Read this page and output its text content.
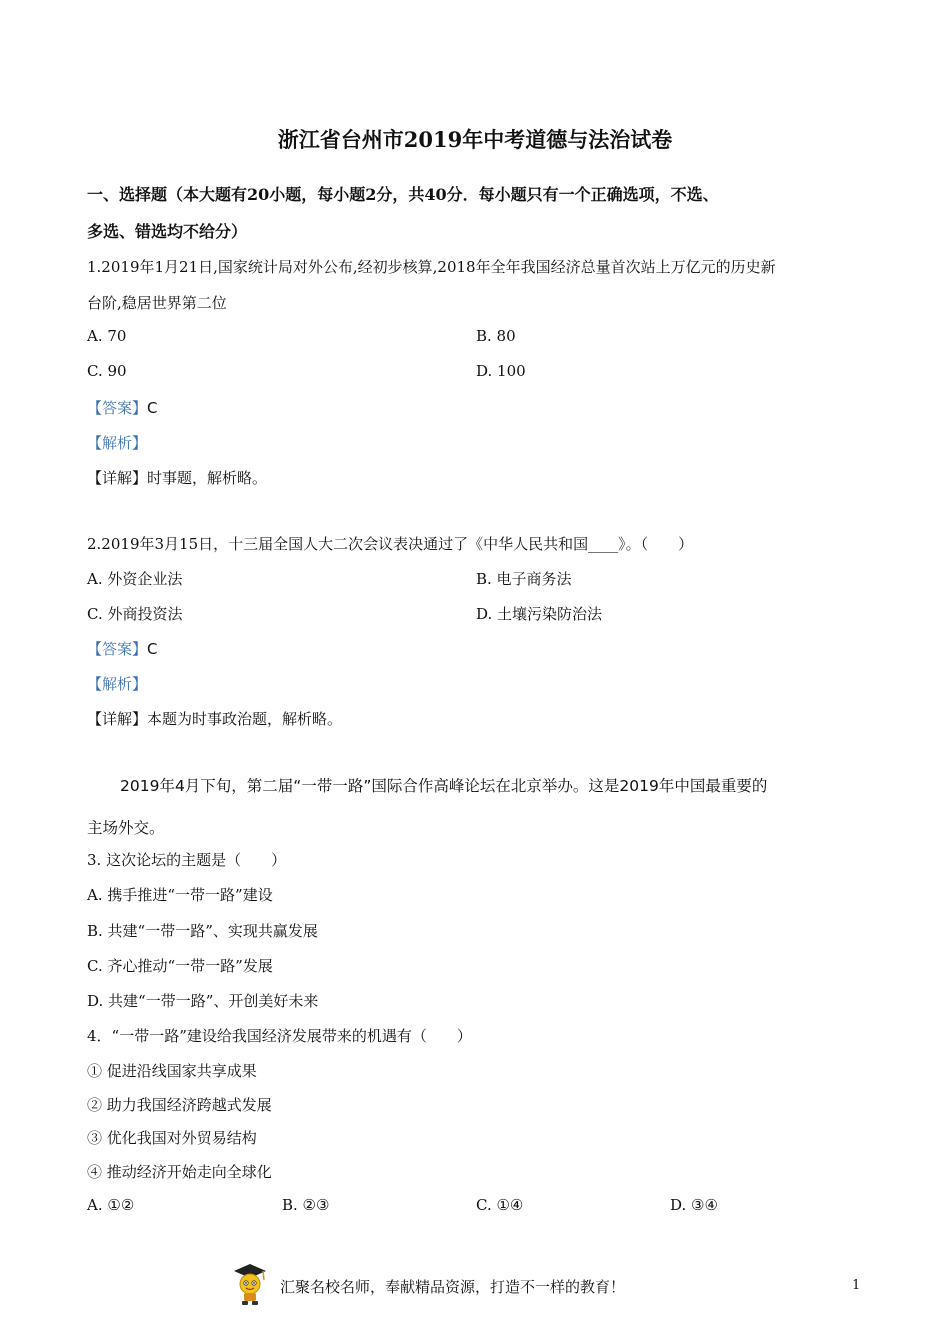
浙江省台州市2019年中考道德与法治试卷
一、选择题（本大题有20小题，每小题2分，共40分．每小题只有一个正确选项，不选、
多选、错选均不给分）
1.2019年1月21日,国家统计局对外公布,经初步核算,2018年全年我国经济总量首次站上万亿元的历史新
台阶,稳居世界第二位
A. 70	B. 80
C. 90	D. 100
【答案】C
【解析】
【详解】时事题，解析略。
2.2019年3月15日，十三届全国人大二次会议表决通过了《中华人民共和国____》。（　　）
A. 外资企业法	B. 电子商务法
C. 外商投资法	D. 土壤污染防治法
【答案】C
【解析】
【详解】本题为时事政治题，解析略。
2019年4月下旬，第二届“一带一路”国际合作高峰论坛在北京举办。这是2019年中国最重要的
主场外交。
3. 这次论坛的主题是（　　）
A. 携手推进“一带一路”建设
B. 共建“一带一路”、实现共赢发展
C. 齐心推动“一带一路”发展
D. 共建“一带一路”、开创美好未来
4．“一带一路”建设给我国经济发展带来的机遇有（　　）
① 促进沿线国家共享成果
② 助力我国经济跨越式发展
③ 优化我国对外贸易结构
④ 推动经济开始走向全球化
A. ①②	B. ②③	C. ①④	D. ③④
汇聚名校名师，奉献精品资源，打造不一样的教育！	1
